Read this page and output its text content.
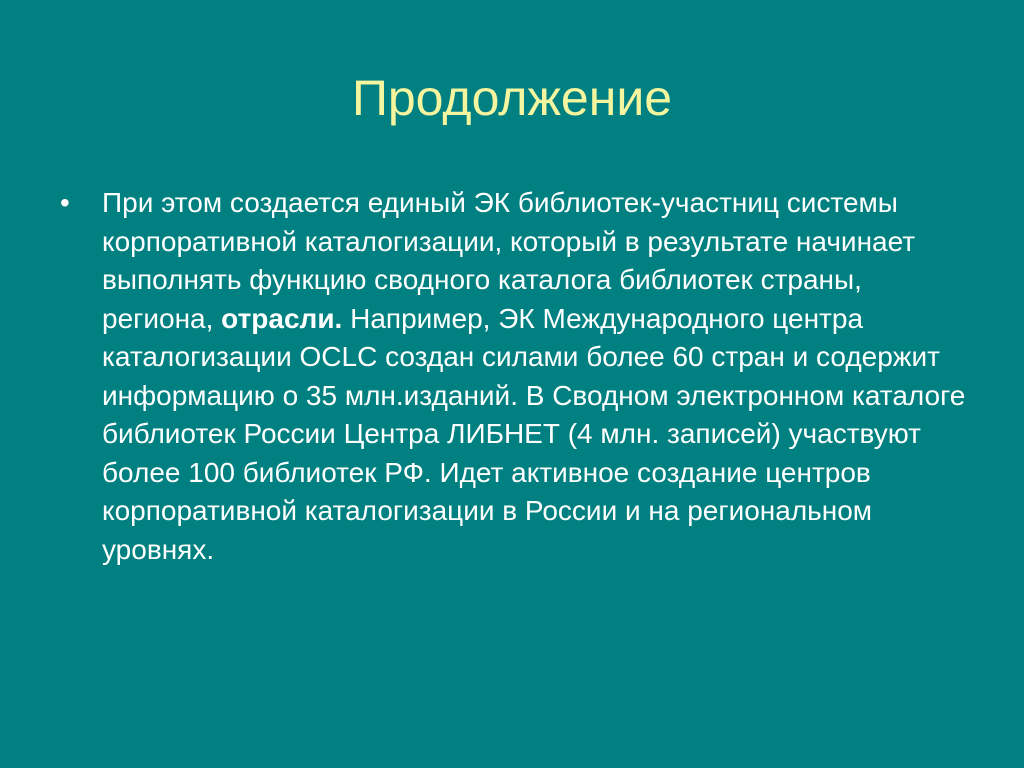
Продолжение
•	При этом создается единый ЭК библиотек-участниц системы корпоративной каталогизации, который в результате начинает выполнять функцию сводного каталога библиотек страны, региона, отрасли. Например, ЭК Международного центра каталогизации OCLC создан силами более 60 стран и содержит информацию о 35 млн.изданий. В Сводном электронном каталоге библиотек России Центра ЛИБНЕТ (4 млн. записей) участвуют более 100 библиотек РФ. Идет активное создание центров корпоративной каталогизации в России и на региональном уровнях.
